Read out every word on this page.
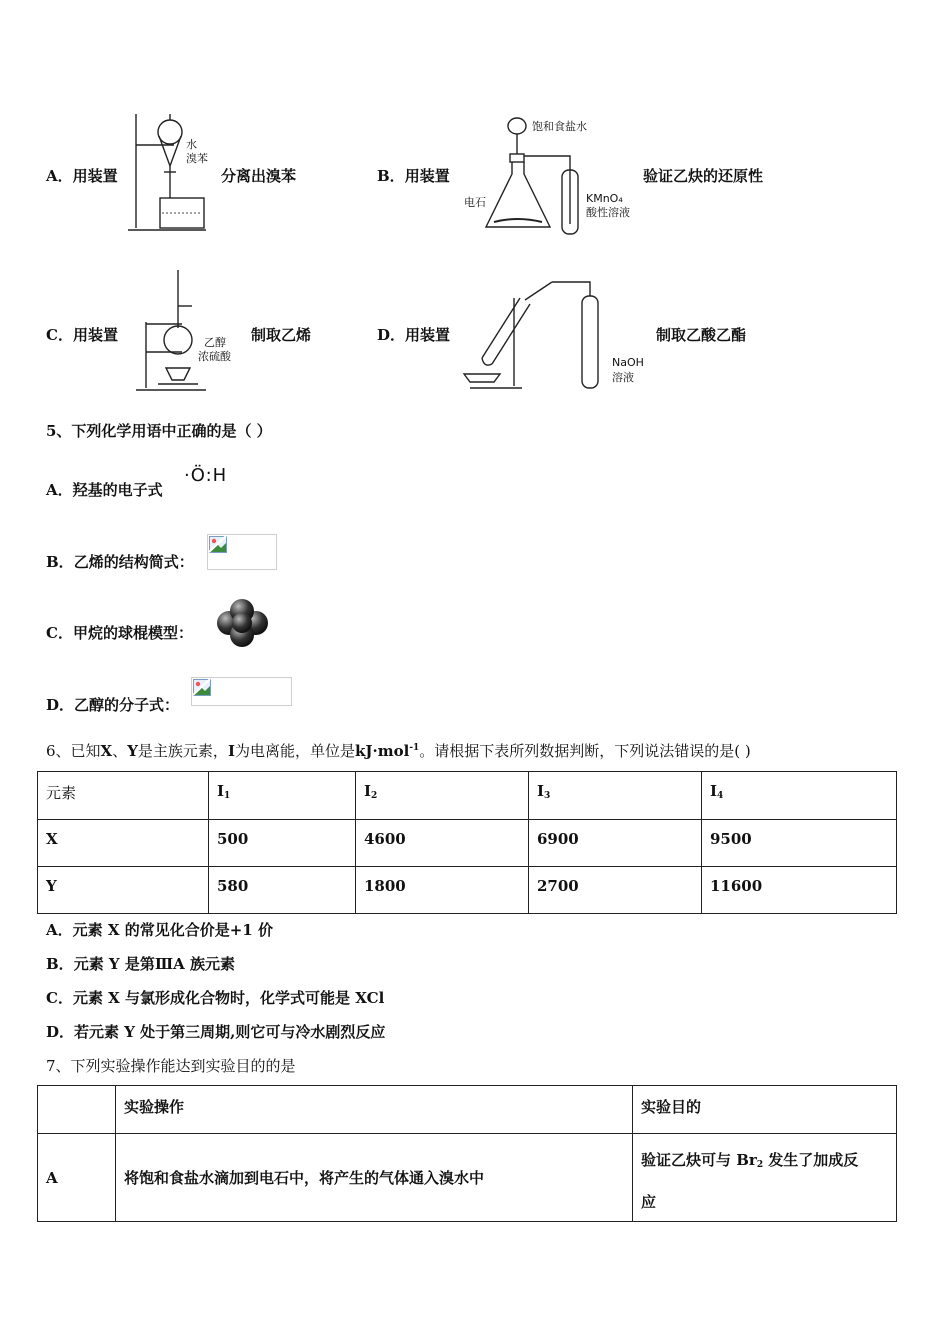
A．用装置
水
溴苯
分离出溴苯	B．用装置
饱和食盐水
电石	KMnO₄
酸性溶液
验证乙炔的还原性
C．用装置	乙醇
浓硫酸
制取乙烯	D．用装置
NaOH
溶液
制取乙酸乙酯
5、下列化学用语中正确的是（ ）
A．羟基的电子式
·Ö:H
B．乙烯的结构简式：
C．甲烷的球棍模型：
D．乙醇的分子式：
6、已知X、Y是主族元素，I为电离能，单位是kJ·mol$^{-1}$。请根据下表所列数据判断，下列说法错误的是( )
元素	$I_1$	$I_2$	$I_3$	$I_4$
X	500	4600	6900	9500
Y	580	1800	2700	11600
A．元素 X 的常见化合价是+1 价
B．元素 Y 是第ⅢA 族元素
C．元素 X 与氯形成化合物时，化学式可能是 XCl
D．若元素 Y 处于第三周期,则它可与冷水剧烈反应
7、下列实验操作能达到实验目的的是
	实验操作	实验目的
A	将饱和食盐水滴加到电石中，将产生的气体通入溴水中	验证乙炔可与 $Br_2$ 发生了加成反
应
